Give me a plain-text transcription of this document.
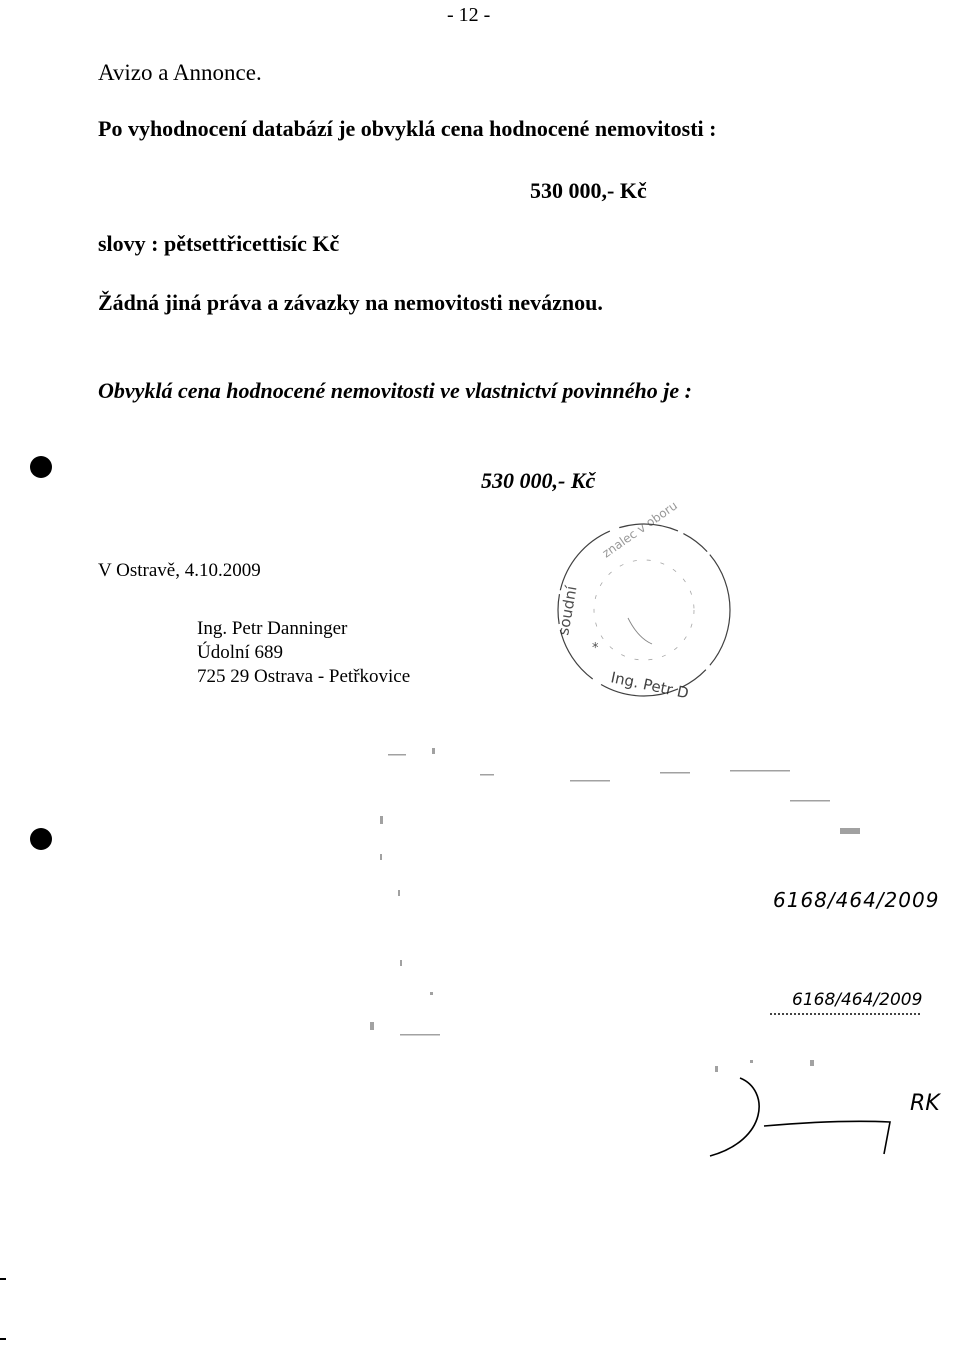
- 12 -
Avizo a Annonce.
Po vyhodnocení databází je obvyklá cena hodnocené nemovitosti :
530 000,- Kč
slovy : pětsettřicettisíc Kč
Žádná jiná práva a závazky na nemovitosti neváznou.
Obvyklá cena hodnocené nemovitosti ve vlastnictví povinného je :
530 000,- Kč
V Ostravě, 4.10.2009
Ing. Petr Danninger
Údolní 689
725 29 Ostrava - Petřkovice
soudní
znalec v oboru
Ing. Petr D
*
6168/464/2009
6168/464/2009
RK
